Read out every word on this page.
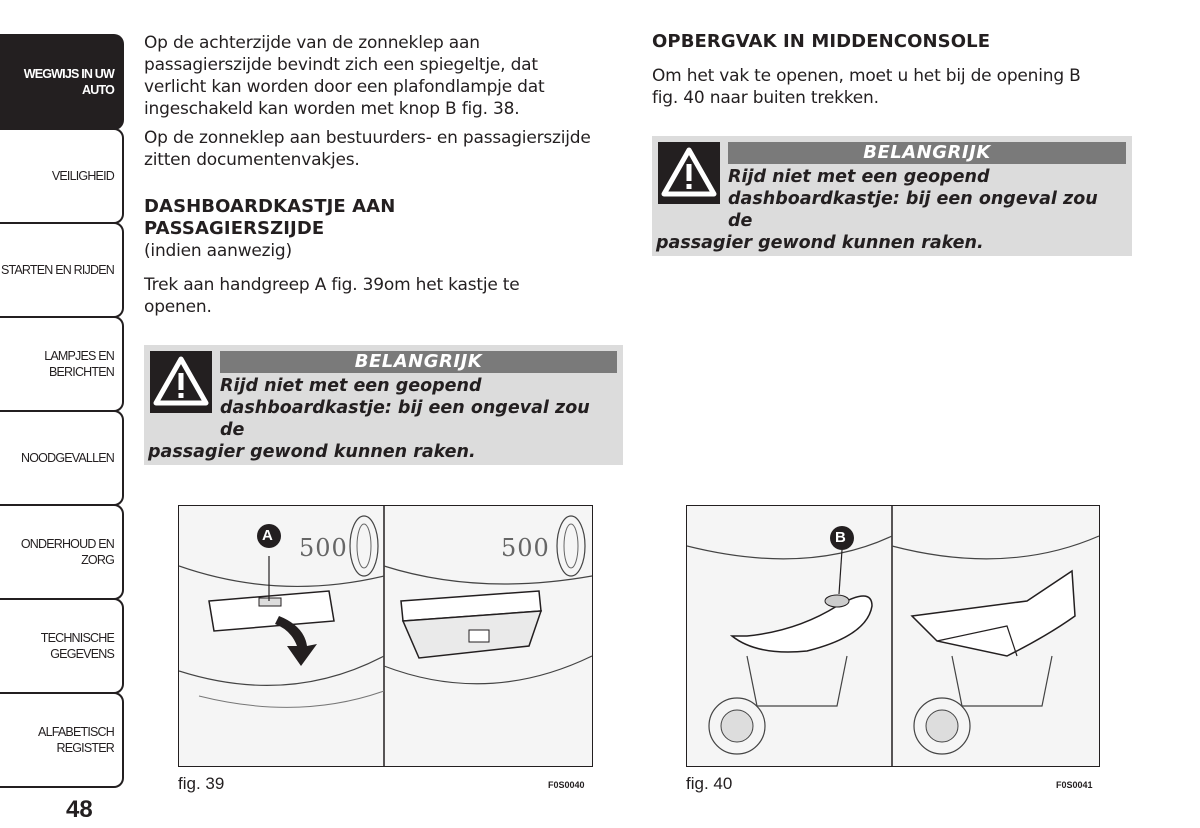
WEGWIJS IN UW
AUTO
VEILIGHEID
STARTEN EN RIJDEN
LAMPJES EN
BERICHTEN
NOODGEVALLEN
ONDERHOUD EN
ZORG
TECHNISCHE
GEGEVENS
ALFABETISCH
REGISTER
48
Op de achterzijde van de zonneklep aan
passagierszijde bevindt zich een spiegeltje, dat
verlicht kan worden door een plafondlampje dat
ingeschakeld kan worden met knop B fig. 38.
Op de zonneklep aan bestuurders- en passagierszijde
zitten documentenvakjes.
DASHBOARDKASTJE AAN
PASSAGIERSZIJDE
(indien aanwezig)
Trek aan handgreep A fig. 39om het kastje te
openen.
BELANGRIJK
Rijd niet met een geopend
dashboardkastje: bij een ongeval zou de
passagier gewond kunnen raken.
OPBERGVAK IN MIDDENCONSOLE
Om het vak te openen, moet u het bij de opening B
fig. 40 naar buiten trekken.
BELANGRIJK
Rijd niet met een geopend
dashboardkastje: bij een ongeval zou de
passagier gewond kunnen raken.
A 500	500
fig. 39	F0S0040
B
fig. 40	F0S0041
